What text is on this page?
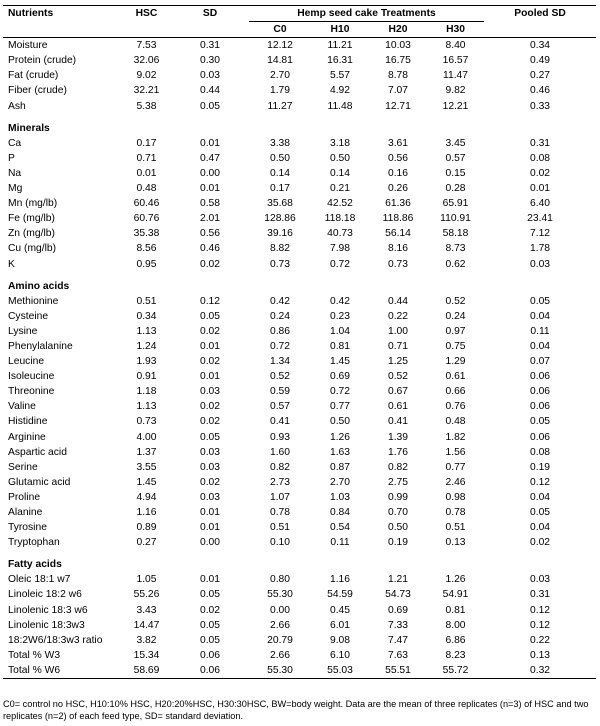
Nutrients	HSC	SD	Hemp seed cake Treatments				Pooled SD
			C0	H10	H20	H30	
Moisture	7.53	0.31	12.12	11.21	10.03	8.40	0.34
Protein (crude)	32.06	0.30	14.81	16.31	16.75	16.57	0.49
Fat (crude)	9.02	0.03	2.70	5.57	8.78	11.47	0.27
Fiber (crude)	32.21	0.44	1.79	4.92	7.07	9.82	0.46
Ash	5.38	0.05	11.27	11.48	12.71	12.21	0.33

Minerals							
Ca	0.17	0.01	3.38	3.18	3.61	3.45	0.31
P	0.71	0.47	0.50	0.50	0.56	0.57	0.08
Na	0.01	0.00	0.14	0.14	0.16	0.15	0.02
Mg	0.48	0.01	0.17	0.21	0.26	0.28	0.01
Mn (mg/lb)	60.46	0.58	35.68	42.52	61.36	65.91	6.40
Fe (mg/lb)	60.76	2.01	128.86	118.18	118.86	110.91	23.41
Zn (mg/lb)	35.38	0.56	39.16	40.73	56.14	58.18	7.12
Cu (mg/lb)	8.56	0.46	8.82	7.98	8.16	8.73	1.78
K	0.95	0.02	0.73	0.72	0.73	0.62	0.03

Amino acids							
Methionine	0.51	0.12	0.42	0.42	0.44	0.52	0.05
Cysteine	0.34	0.05	0.24	0.23	0.22	0.24	0.04
Lysine	1.13	0.02	0.86	1.04	1.00	0.97	0.11
Phenylalanine	1.24	0.01	0.72	0.81	0.71	0.75	0.04
Leucine	1.93	0.02	1.34	1.45	1.25	1.29	0.07
Isoleucine	0.91	0.01	0.52	0.69	0.52	0.61	0.06
Threonine	1.18	0.03	0.59	0.72	0.67	0.66	0.06
Valine	1.13	0.02	0.57	0.77	0.61	0.76	0.06
Histidine	0.73	0.02	0.41	0.50	0.41	0.48	0.05
Arginine	4.00	0.05	0.93	1.26	1.39	1.82	0.06
Aspartic acid	1.37	0.03	1.60	1.63	1.76	1.56	0.08
Serine	3.55	0.03	0.82	0.87	0.82	0.77	0.19
Glutamic acid	1.45	0.02	2.73	2.70	2.75	2.46	0.12
Proline	4.94	0.03	1.07	1.03	0.99	0.98	0.04
Alanine	1.16	0.01	0.78	0.84	0.70	0.78	0.05
Tyrosine	0.89	0.01	0.51	0.54	0.50	0.51	0.04
Tryptophan	0.27	0.00	0.10	0.11	0.19	0.13	0.02

Fatty acids							
Oleic 18:1 w7	1.05	0.01	0.80	1.16	1.21	1.26	0.03
Linoleic 18:2 w6	55.26	0.05	55.30	54.59	54.73	54.91	0.31
Linolenic 18:3 w6	3.43	0.02	0.00	0.45	0.69	0.81	0.12
Linolenic 18:3w3	14.47	0.05	2.66	6.01	7.33	8.00	0.12
18:2W6/18:3w3 ratio	3.82	0.05	20.79	9.08	7.47	6.86	0.22
Total % W3	15.34	0.06	2.66	6.10	7.63	8.23	0.13
Total % W6	58.69	0.06	55.30	55.03	55.51	55.72	0.32
C0= control no HSC, H10:10% HSC, H20:20%HSC, H30:30HSC, BW=body weight. Data are the mean of three replicates (n=3) of HSC and two replicates (n=2) of each feed type, SD= standard deviation.
